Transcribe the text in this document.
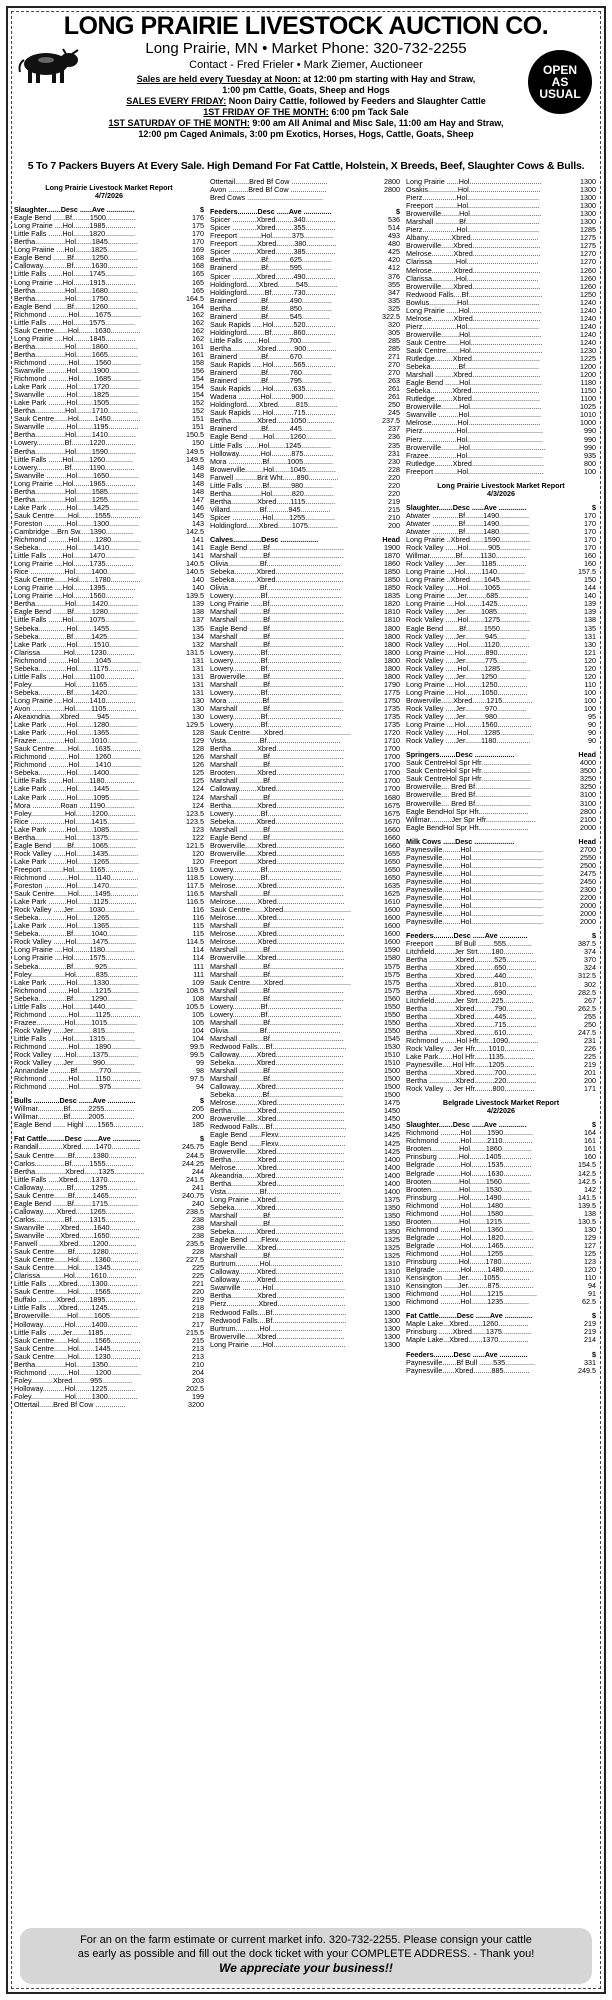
LONG PRAIRIE LIVESTOCK AUCTION CO.
Long Prairie, MN • Market Phone: 320-732-2255
Contact - Fred Frieler • Mark Ziemer, Auctioneer
Sales are held every Tuesday at Noon: at 12:00 pm starting with Hay and Straw,
1:00 pm Cattle, Goats, Sheep and Hogs
SALES EVERY FRIDAY: Noon Dairy Cattle, followed by Feeders and Slaughter Cattle
1ST FRIDAY OF THE MONTH: 6:00 pm Tack Sale
1ST SATURDAY OF THE MONTH: 9:00 am All Animal and Misc Sale, 11:00 am Hay and Straw,
12:00 pm Caged Animals, 3:00 pm Exotics, Horses, Hogs, Cattle, Goats, Sheep
OPEN
AS
USUAL
5 To 7 Packers Buyers At Every Sale. High Demand For Fat Cattle, Holstein, X Breeds, Beef, Slaughter Cows & Bulls.
Long Prairie Livestock Market Report
4/7/2026
Slaughter.......Desc ......Ave ..............	$
Eagle Bend ......Bf.........1500...............	176
Long Prairie ....Hol........1985...............	175
Little Falls .......Hol........1820...............	170
Bertha...............Hol........1845...............	170
Long Praiirie ....Hol........1825...............	169
Eagle Bend .......Bf.........1250...............	168
Calloway............Bf.........1630...............	168
Little Falls .......Hol........1745...............	165
Long Prairie ....Hol........1915...............	165
Bertha...............Hol........1680...............	165
Bertha...............Hol........1750..............	164.5
Eagle Bend .......Bf.........1260...............	164
Richmond ..........Hol........1675...............	162
Little Falls .......Hol........1575...............	162
Sauk Centre.......Hol........1630...............	162
Long Prairie ....Hol........1845...............	162
Bertha...............Hol........1860...............	161
Bertha...............Hol........1665...............	161
Richmond ..........Hol........1560...............	158
Swanville ..........Hol........1900...............	156
Richmond ..........Hol........1685...............	154
Lake Park .........Hol........1720...............	154
Swanville ..........Hol........1825...............	154
Lake Park .........Hol........1505...............	152
Bertha...............Hol........1710...............	152
Sauk Centre.......Hol........1450...............	151
Swanville ..........Hol........1195...............	151
Bertha...............Hol........1410..............	150.5
Lowery..............Bf.........1220...............	150
Bertha...............Hol........1590..............	149.5
Little Falls .......Hol........1260..............	149.5
Lowery..............Bf.........1190...............	148
Swanville ..........Hol........1650...............	148
Long Prairie ....Hol........1965...............	148
Bertha...............Hol........1585...............	148
Bertha...............Hol........1255...............	147
Lake Park .........Hol........1425...............	146
Sauk Centre.......Hol........1555...............	145
Foreston ...........Hol........1300...............	143
Cambridge ...Brn Sw.....1390..............	142.5
Richmond ..........Hol........1280...............	141
Sebeka..............Hol........1410...............	141
Little Falls .......Hol........1470...............	141
Long Prairie ....Hol........1735..............	140.5
Rice .................Hol........1400..............	140.5
Sauk Centre.......Hol........1780...............	140
Long Prairie ....Hol........1395...............	140
Long Prairie ....Hol........1560..............	139.5
Bertha...............Hol........1420...............	139
Eagle Bend .......Bf.........1280...............	138
Little Falls .......Hol........1075...............	137
Sebeka..............Hol........1455...............	135
Sebeka..............Bf.........1425...............	134
Lake Park .........Hol........1510...............	132
Clarissa............Hol........1230..............	131.5
Richmond ..........Hol........1045...............	131
Sebeka..............Hol........1175...............	131
Little Falls .......Hol........1100...............	131
Foley.................Hol........1165...............	131
Sebeka..............Bf.........1420...............	131
Long Prairie ....Hol........1410...............	130
Avon ................Hol........1105...............	130
Akeaxndria.....Xbred.........945...............	130
Lake Park .........Hol........1280..............	129.5
Lake Park .........Hol........1365...............	128
Frazee..............Hol........1010...............	129
Sauk Centre.......Hol........1635...............	128
Richmond ..........Hol........1260...............	126
Richmond ..........Hol........1410...............	126
Sebeka..............Hol........1400...............	125
Little Falls .......Hol........1180...............	125
Lake Park .........Hol........1445...............	124
Lake Park .........Hol........1095...............	124
Mora ..............Roan .....1190...............	124
Foley.................Hol........1200..............	123.5
Rice .................Hol........1415..............	123.5
Lake Park .........Hol........1085...............	123
Bertha...............Hol........1375...............	122
Eagle Bend .......Bf.........1065..............	121.5
Rock Valley ......Hol........1435...............	120
Lake Park .........Hol........1265...............	120
Freeport ..........Hol........1165..............	119.5
Richmond ..........Hol........1140..............	118.5
Foreston ...........Hol........1470..............	117.5
Sauk Centre.......Hol........1495..............	116.5
Lake Park .........Hol........1125..............	116.5
Rock Valley .....Jer........1030...............	116
Sebeka..............Hol........1265...............	116
Lake Park .........Hol........1365...............	115
Sebeka..............Bf.........1040...............	115
Rock Valley ......Hol........1475..............	114.5
Long Prairie ....Hol........1180...............	114
Long Prairie ....Hol........1575...............	114
Sebeka..............Bf...........925...............	111
Foley.................Hol..........835...............	111
Lake Park .........Hol........1330...............	109
Richmond ..........Hol........1215..............	108.5
Sebeka..............Bf.........1290...............	108
Little Falls .......Hol........1440..............	105.5
Richmond ..........Hol........1125...............	105
Frazee..............Hol........1015...............	105
Rock Valley .....Jer..........815...............	104
Little Falls .......Hol........1315...............	104
Richmond ..........Hol........1890...............	99.5
Rock Valley ......Hol........1375...............	99.5
Rock Valley .....Jer..........990...............	99
Annandale ..........Bf...........770...............	98
Richmond ..........Hol........1150...............	97.5
Richmond ..........Hol..........975...............	94
Bulls .............Desc .......Ave ..............	$
Willmar.............Bf.........2255...............	205
Willmar.............Bf.........2005...............	200
Eagle Bend ...... Highl ......1565...............	185
Fat Cattle.........Desc .......Ave ..............	$
Randall............Xbred.......1470..............	245.75
Sauk Centre.......Bf.........1380..............	244.5
Carlos...............Bf.........1555..............	244.25
Bertha...............Xbred.......1325...............	244
Little Falls .....Xbred.......1370..............	241.5
Calloway............Bf.........1295...............	241
Sauk Centre.......Bf.........1465..............	240.75
Eagle Bend .......Bf.........1715...............	240
Calloway.......Xbred.......1265..............	238.5
Carlos...............Bf.........1315...............	238
Swanville .......Xbred.......1640...............	238
Swanville .......Xbred.......1650...............	238
Farwell ..........Xbred.......1200..............	235.5
Sauk Centre.......Bf.........1280...............	228
Sauk Centre.......Hol........1360..............	227.5
Sauk Centre.......Hol........1345...............	225
Clarissa............Hol........1610...............	225
Little Falls .....Xbred.......1300...............	221
Sauk Centre.......Hol........1565...............	220
Buffalo .........Xbred.......1895...............	219
Little Falls .....Xbred.......1245...............	218
Browerville.........Hol........1605...............	218
Holloway...........Hol........1400...............	217
Little Falls .......Jer........1185..............	215.5
Sauk Centre.......Hol........1565...............	215
Sauk Centre.......Hol........1445...............	213
Sauk Centre.......Hol........1230...............	213
Bertha...............Hol........1350...............	210
Richmond ..........Hol........1200...............	204
Foley...........Xbred.........955...............	203
Holloway...........Hol........1225..............	202.5
Foley.................Hol........1300...............	199
Ottertail.......Bred Bf Cow ...............	3200
Ottertail.......Bred Bf Cow ..................	2800
Avon ..........Bred Bf Cow ..................	2800
Bred Cows ......................................
Feeders..........Desc ......Ave ..............	$
Spicer ............Xbred.........340...............	536
Spicer ............Xbred.........355...............	514
Freeport ...........Hol..........375...............	493
Freeport .........Xbred.........380...............	480
Spicer ............Xbred.........385...............	425
Bertha...............Bf...........625...............	420
Brainerd ...........Bf...........595...............	412
Spicer ............Xbred.........490...............	376
Holdingford......Xbred.........545...............	355
Holdingford.........Bf...........730...............	347
Brainerd ...........Bf...........490...............	335
Bertha...............Bf...........850...............	325
Brainerd ...........Bf...........545..............	322.5
Sauk Rapids .....Hol..........520...............	320
Holdingford.........Bf...........860...............	305
Little Falls .......Hol..........700...............	285
Bertha.............Xbred.........900...............	285
Brainerd ...........Bf...........670...............	271
Sauk Rapids .....Hol..........565...............	270
Brainerd ...........Bf...........760...............	270
Brainerd ...........Bf...........795...............	263
Sauk Rapids .....Hol..........635...............	261
Wadena ...........Hol..........900...............	261
Holdingford......Xbred.........815...............	250
Sauk Rapids .....Hol..........715...............	245
Bertha.............Xbred.......1050..............	237.5
Brainerd ...........Bf...........445...............	237
Eagle Bend .......Hol........1260...............	236
Little Falls .......Hol........1245...............	235
Holloway...........Hol..........875...............	231
Mora .................Bf.........1005...............	230
Browerville.........Hol........1045...............	228
Farwell ...........Brit Wht.......890...............	220
Little Falls .........Bf...........980...............	220
Bertha...............Hol..........820...............	220
Bertha.............Xbred.......1115...............	219
Villard...............Bf...........945...............	215
Spicer ...............Hol........1255...............	210
Holdingford......Xbred.......1075...............	200
Calves..............Desc ...................	Head
Eagle Bend .......Bf.....................................	1900
Marshall ............Bf.....................................	1870
Olivia................Bf.....................................	1860
Sebeka...........Xbred..................................	1850
Sebeka...........Xbred..................................	1850
Olivia................Bf.....................................	1850
Lowery..............Bf.....................................	1835
Long Prairie ......Bf.....................................	1820
Marshall ............Bf.....................................	1810
Marshall ............Bf.....................................	1810
Eagle Bend .......Bf.....................................	1800
Marshall ............Bf.....................................	1800
Marshall ............Bf.....................................	1800
Lowery..............Bf.....................................	1800
Lowery..............Bf.....................................	1800
Lowery..............Bf.....................................	1800
Browerville.........Bf.....................................	1800
Marshall ............Bf.....................................	1790
Lowery..............Bf.....................................	1775
Mora .................Bf.....................................	1750
Marshall ............Bf.....................................	1735
Lowery..............Bf.....................................	1735
Lowery..............Bf.....................................	1735
Sauk Centre.......Xbred..................................	1720
Vista.................Bf.....................................	1710
Bertha.............Xbred..................................	1700
Marshall ............Bf.....................................	1700
Marshall ............Bf.....................................	1700
Brooten...........Xbred..................................	1700
Marshall ............Bf.....................................	1700
Calloway.........Xbred..................................	1700
Marshall ............Bf.....................................	1680
Bertha.............Xbred..................................	1675
Lowery..............Bf.....................................	1675
Sebeka...........Xbred..................................	1670
Marshall ............Bf.....................................	1660
Eagle Bend .......Bf.....................................	1660
Browerville......Xbred..................................	1660
Browerville......Xbred..................................	1655
Freeport .........Xbred..................................	1650
Lowery..............Bf.....................................	1650
Lowery..............Bf.....................................	1650
Melrose...........Xbred..................................	1635
Marshall ............Bf.....................................	1625
Melrose...........Xbred..................................	1610
Sauk Centre.......Xbred..................................	1600
Melrose...........Xbred..................................	1600
Marshall ............Bf.....................................	1600
Melrose...........Xbred..................................	1600
Melrose...........Xbred..................................	1600
Marshall ............Bf.....................................	1590
Browerville......Xbred..................................	1580
Marshall ............Bf.....................................	1575
Marshall ............Bf.....................................	1575
Sauk Centre.......Xbred..................................	1575
Marshall ............Bf.....................................	1575
Marshall ............Bf.....................................	1560
Lowery..............Bf.....................................	1550
Lowery..............Bf.....................................	1550
Marshall ............Bf.....................................	1550
Olivia................Bf.....................................	1550
Marshall ............Bf.....................................	1545
Redwood Falls....Bf.....................................	1530
Calloway.........Xbred..................................	1510
Sebeka...........Xbred..................................	1510
Marshall ............Bf.....................................	1500
Marshall ............Bf.....................................	1500
Calloway.........Xbred..................................	1500
Sebeka..............Bf.....................................	1500
Melrose...........Xbred..................................	1475
Bertha.............Xbred..................................	1450
Browerville......Xbred..................................	1450
Redwood Falls....Bf.....................................	1450
Eagle Bend ......Flexv..................................	1425
Eagle Bend ......Flexv..................................	1425
Browerville......Xbred..................................	1425
Bertha.............Xbred..................................	1400
Melrose...........Xbred..................................	1400
Akeandria.......Xbred..................................	1400
Bertha.............Xbred..................................	1400
Vista.................Bf.....................................	1400
Long Prairie ...Xbred..................................	1375
Sebeka...........Xbred..................................	1350
Marshall ............Bf.....................................	1350
Marshall ............Bf.....................................	1350
Sebeka...........Xbred..................................	1350
Eagle Bend ......Flexv..................................	1325
Browerville......Xbred..................................	1325
Marshall ............Bf.....................................	1325
Burtrum............Hol....................................	1310
Calloway.........Xbred..................................	1310
Calloway.........Xbred..................................	1310
Swanville ..........Hol....................................	1310
Bertha.............Xbred..................................	1300
Pierz................Xbred..................................	1300
Redwood Falls....Bf.....................................	1300
Redwood Falls....Bf.....................................	1300
Burtrum............Hol....................................	1300
Browerville......Xbred..................................	1300
Long Prairie ......Hol....................................	1300
Long Prairie ......Hol....................................	1300
Osakis...............Hol....................................	1300
Pierz.................Hol....................................	1300
Freeport ...........Hol....................................	1300
Browerville.........Hol....................................	1300
Marshall ............Bf.....................................	1300
Pierz.................Hol....................................	1285
Albany............Xbred..................................	1275
Browerville......Xbred..................................	1275
Melrose...........Xbred..................................	1270
Clarissa............Hol....................................	1270
Melrose...........Xbred..................................	1260
Clarissa............Hol....................................	1260
Browerville......Xbred..................................	1260
Redwood Falls....Bf.....................................	1250
Bowlus..............Hol....................................	1240
Long Prairie ......Hol....................................	1240
Melrose...........Xbred..................................	1240
Pierz.................Hol....................................	1240
Browerville.........Hol....................................	1240
Sauk Centre.......Hol....................................	1240
Sauk Centre.......Hol....................................	1230
Rutledge.........Xbred..................................	1225
Sebeka..............Bf.....................................	1200
Marshall .........Xbred..................................	1200
Eagle Bend .......Hol....................................	1180
Sebeka...........Xbred..................................	1150
Rutledge.........Xbred..................................	1100
Browerville.........Hol....................................	1025
Swanville ..........Hol....................................	1010
Melrose.............Hol....................................	1000
Pierz.................Hol......................................	990
Pierz.................Hol......................................	990
Browerville.........Hol......................................	990
Frazee..............Hol......................................	935
Rutledge.........Xbred....................................	800
Freeport ...........Hol......................................	100
Long Prairie Livestock Market Report
4/3/2026
Slaughter.......Desc ......Ave ..............	$
Atwater .............Bf.........1490...............	170
Atwater .............Bf.........1490...............	170
Atwater .............Bf.........1480...............	170
Long Prairie ..Xbred.......1590...............	170
Rock Valley ......Hol..........905...............	170
Willmar.............Bf.........1130...............	160
Rock Valley .....Jer........1185...............	160
Long Prairie ....Hol........1140..............	157.5
Long Prairie ..Xbred.......1645...............	150
Rock Valley ......Hol........1065...............	144
Long Prairie .....Jer..........685...............	140
Long Prairie ....Hol........1425...............	139
Rock Valley .....Jer........1085...............	139
Rock Valley ......Hol........1275...............	138
Eagle Bend .......Bf.........1550...............	135
Rock Valley .....Jer..........945...............	131
Rock Valley ......Hol........1120...............	130
Long Prairie ....Hol..........890...............	121
Rock Valley .....Jer..........775...............	120
Rock Valley ......Hol........1285...............	120
Rock Valley .....Jer........1250...............	120
Long Prairie ....Hol........1250...............	110
Long Prairie ....Hol........1050...............	100
Browerville......Xbred.......1215...............	100
Rock Valley .....Jer..........970...............	100
Rock Valley .....Jer..........980.................	95
Long Prairie ....Hol........1560.................	90
Rock Valley ......Hol........1285.................	90
Rock Valley .....Jer........1180.................	90
Springers........Desc ....................	Head
Sauk CentreHol Spr Hfr.........................	4000
Sauk CentreHol Spr Hfr.........................	3500
Sauk CentreHol Spr Hfr.........................	3250
Browerville.... Bred Bf............................	3250
Browerville.... Bred Bf............................	3100
Browerville.... Bred Bf............................	3100
Eagle BendHol Spr Hfr.........................	2800
Willmar...........Jer Spr Hfr.........................	2100
Eagle BendHol Spr Hfr.........................	2000
Milk Cows ......Desc ....................	Head
Paynesville.........Hol....................................	2700
Paynesville.........Hol....................................	2550
Paynesville.........Hol....................................	2500
Paynesville.........Hol....................................	2475
Paynesville.........Hol....................................	2450
Paynesville.........Hol....................................	2300
Paynesville.........Hol....................................	2200
Paynesville.........Hol....................................	2000
Paynesville.........Hol....................................	2000
Paynesville.........Hol....................................	2000
Feeders..........Desc ......Ave ..............	$
Freeport ..........Bf Bull ........555.............	387.5
Litchfield..........Jer Strt.......180...............	374
Bertha .............Xbred..........525...............	370
Bertha .............Xbred..........650...............	324
Bertha .............Xbred..........440.............	312.5
Bertha .............Xbred..........810...............	302
Bertha .............Xbred..........690.............	282.5
Litchfield..........Jer Strt.......225...............	267
Bertha .............Xbred..........790.............	262.5
Bertha .............Xbred..........445...............	255
Bertha .............Xbred..........715...............	250
Bertha .............Xbred..........610.............	247.5
Richmond ........Hol Hfr.......1090...............	231
Rock Valley ... Jer Hfr.......1010...............	226
Lake Park.......Hol Hfr.......1135...............	225
Paynesville.....Hol Hfr.......1205...............	219
Bertha .............Xbred..........700...............	201
Bertha .............Xbred..........220...............	200
Rock Valley ... Jer Hfr.........800...............	171
Belgrade Livestock Market Report
4/2/2026
Slaughter.......Desc ......Ave ..............	$
Richmond ..........Hol........1590...............	164
Richmond ..........Hol........2110...............	161
Brooten..............Hol........1860...............	161
Prinsburg ..........Hol........1405...............	160
Belgrade ............Hol........1535..............	154.5
Belgrade ............Hol........1630..............	142.5
Brooten..............Hol........1560..............	142.5
Brooten..............Hol........1530...............	142
Prinsburg ..........Hol........1490..............	141.5
Richmond ..........Hol........1480..............	139.5
Richmond ..........Hol........1580...............	138
Brooten..............Hol........1215..............	130.5
Richmond ..........Hol........1360...............	130
Belgrade ............Hol........1820...............	129
Belgrade ............Hol........1465...............	127
Richmond ..........Hol........1255...............	125
Prinsburg ..........Hol........1780...............	123
Belgrade ............Hol........1480...............	120
Kensington .......Jer........1055...............	110
Kensington .......Jer..........875.................	94
Richmond ..........Hol........1215.................	91
Richmond ..........Hol........1235.............	62.5
Fat Cattle.........Desc .......Ave ..............	$
Maple Lake...Xbred.......1260...............	219
Prinsburg .......Xbred.......1375...............	219
Maple Lake...Xbred.......1370...............	214
Feeders..........Desc ......Ave ..............	$
Paynesville.......Bf Bull .......535...............	331
Paynesville......Xbred.........885.............	249.5
For an on the farm estimate or current market info. 320-732-2255. Please consign your cattle
as early as possible and fill out the dock ticket with your COMPLETE ADDRESS. - Thank you!
We appreciate your business!!
